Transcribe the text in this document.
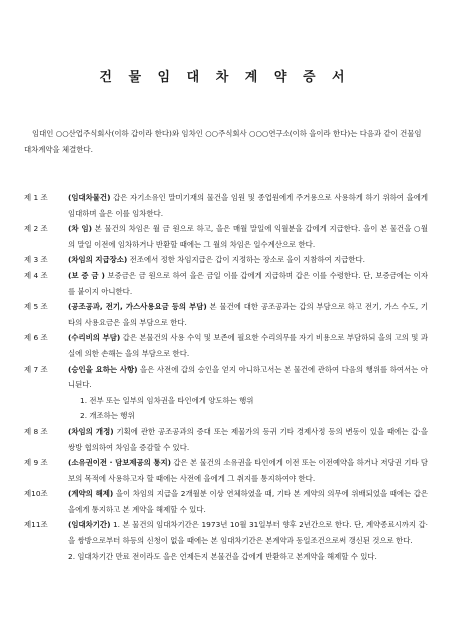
건 물 임 대 차 계 약 증 서
임대인 ○○산업주식회사(이하 갑이라 한다)와 임차인 ○○주식회사 ○○○연구소(이하 을이라 한다)는 다음과 같이 건물임대차계약을 체결한다.
제 1 조	(임대차물건) 갑은 자기소유인 말미기재의 물건을 임원 및 종업원에게 주거용으로 사용하게 하기 위하여 을에게 임대하며 을은 이를 임차한다.
제 2 조	(차 임) 본 물건의 차임은 월 금 원으로 하고, 을은 매월 말일에 익월분을 갑에게 지급한다. 을이 본 물건을 ○월의 말일 이전에 임차하거나 반환할 때에는 그 월의 차임은 일수계산으로 한다.
제 3 조	(차임의 지급장소) 전조에서 정한 차임지급은 갑이 지정하는 장소로 을이 지참하여 지급한다.
제 4 조	(보 증 금 ) 보증금은 금 원으로 하여 을은 금일 이를 갑에게 지급하며 갑은 이를 수령한다. 단, 보증금에는 이자를 붙이지 아니한다.
제 5 조	(공조공과, 전기, 가스사용요금 등의 부담) 본 물건에 대한 공조공과는 갑의 부담으로 하고 전기, 가스 수도, 기타의 사용요금은 을의 부담으로 한다.
제 6 조	(수리비의 부담) 갑은 본물건의 사용 수익 및 보존에 필요한 수리의무를 자기 비용으로 부담하되 을의 고의 및 과실에 의한 손해는 을의 부담으로 한다.
제 7 조	(승인을 요하는 사항) 을은 사전에 갑의 승인을 얻지 아니하고서는 본 물건에 관하여 다음의 행위를 하여서는 아니된다.
1. 전부 또는 일부의 임차권을 타인에게 양도하는 행위
2. 개조하는 행위
제 8 조	(차임의 개정) 기획에 관한 공조공과의 증대 또는 제물가의 등귀 기타 경제사정 등의 변동이 있을 때에는 갑·을 쌍방 협의하여 차임을 증감할 수 있다.
제 9 조	(소유권이전 · 담보제공의 통지) 갑은 본 물건의 소유권을 타인에게 이전 또는 이전예약을 하거나 저당권 기타 담보의 목적에 사용하고자 할 때에는 사전에 을에게 그 취지를 통지하여야 한다.
제10조	(계약의 해제) 을이 차임의 지급을 2개월분 이상 연체하였을 때, 기타 본 계약의 의무에 위배되었을 때에는 갑은 을에게 통지하고 본 계약을 해제할 수 있다.
제11조	(임대차기간) 1. 본 물건의 임대차기간은 1973년 10월 31일부터 향후 2년간으로 한다. 단, 계약종료시까지 갑·을 쌍방으로부터 하등의 신청이 없을 때에는 본 임대차기간은 본계약과 동일조건으로써 갱신된 것으로 한다.
2. 임대차기간 만료 전이라도 을은 언제든지 본물건을 갑에게 반환하고 본계약을 해제할 수 있다.
